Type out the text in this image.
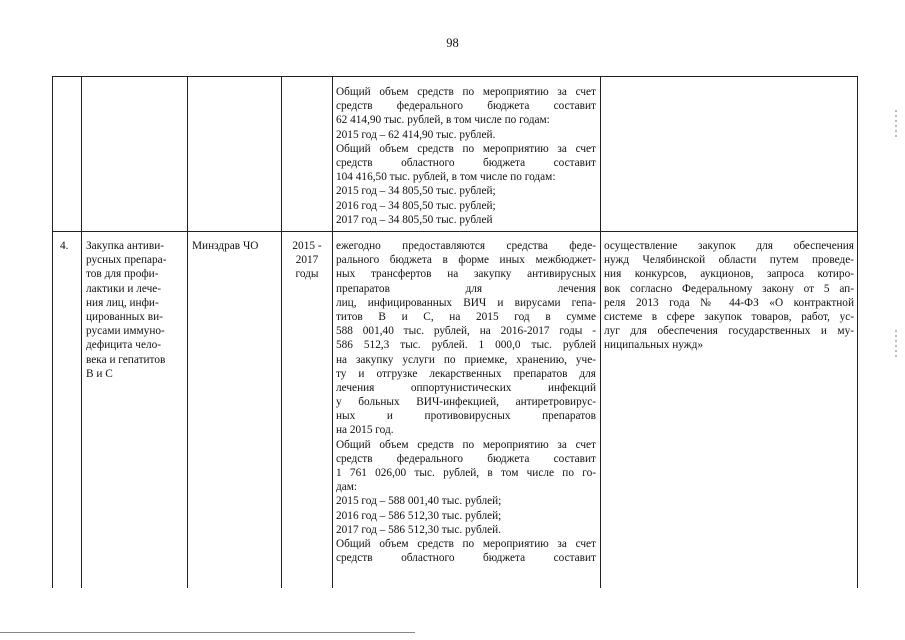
98
Общий объем средств по мероприятию за счет
средств федерального бюджета составит
62 414,90 тыс. рублей, в том числе по годам:
2015 год – 62 414,90 тыс. рублей.
Общий объем средств по мероприятию за счет
средств областного бюджета составит
104 416,50 тыс. рублей, в том числе по годам:
2015 год – 34 805,50 тыс. рублей;
2016 год – 34 805,50 тыс. рублей;
2017 год – 34 805,50 тыс. рублей
4.	Закупка антиви-
русных препара-
тов для профи-
лактики и лече-
ния лиц, инфи-
цированных ви-
русами иммуно-
дефицита чело-
века и гепатитов
В и С
Минздрав ЧО	2015 -
2017
годы
ежегодно предоставляются средства феде-
рального бюджета в форме иных межбюджет-
ных трансфертов на закупку антивирусных
препаратов для лечения
лиц, инфицированных ВИЧ и вирусами гепа-
титов В и С, на 2015 год в сумме
588 001,40 тыс. рублей, на 2016-2017 годы -
586 512,3 тыс. рублей. 1 000,0 тыс. рублей
на закупку услуги по приемке, хранению, уче-
ту и отгрузке лекарственных препаратов для
лечения оппортунистических инфекций
у больных ВИЧ-инфекцией, антиретровирус-
ных и противовирусных препаратов
на 2015 год.
Общий объем средств по мероприятию за счет
средств федерального бюджета составит
1 761 026,00 тыс. рублей, в том числе по го-
дам:
2015 год – 588 001,40 тыс. рублей;
2016 год – 586 512,30 тыс. рублей;
2017 год – 586 512,30 тыс. рублей.
Общий объем средств по мероприятию за счет
средств областного бюджета составит
осуществление закупок для обеспечения
нужд Челябинской области путем проведе-
ния конкурсов, аукционов, запроса котиро-
вок согласно Федеральному закону от 5 ап-
реля 2013 года № 44-ФЗ «О контрактной
системе в сфере закупок товаров, работ, ус-
луг для обеспечения государственных и му-
ниципальных нужд»
